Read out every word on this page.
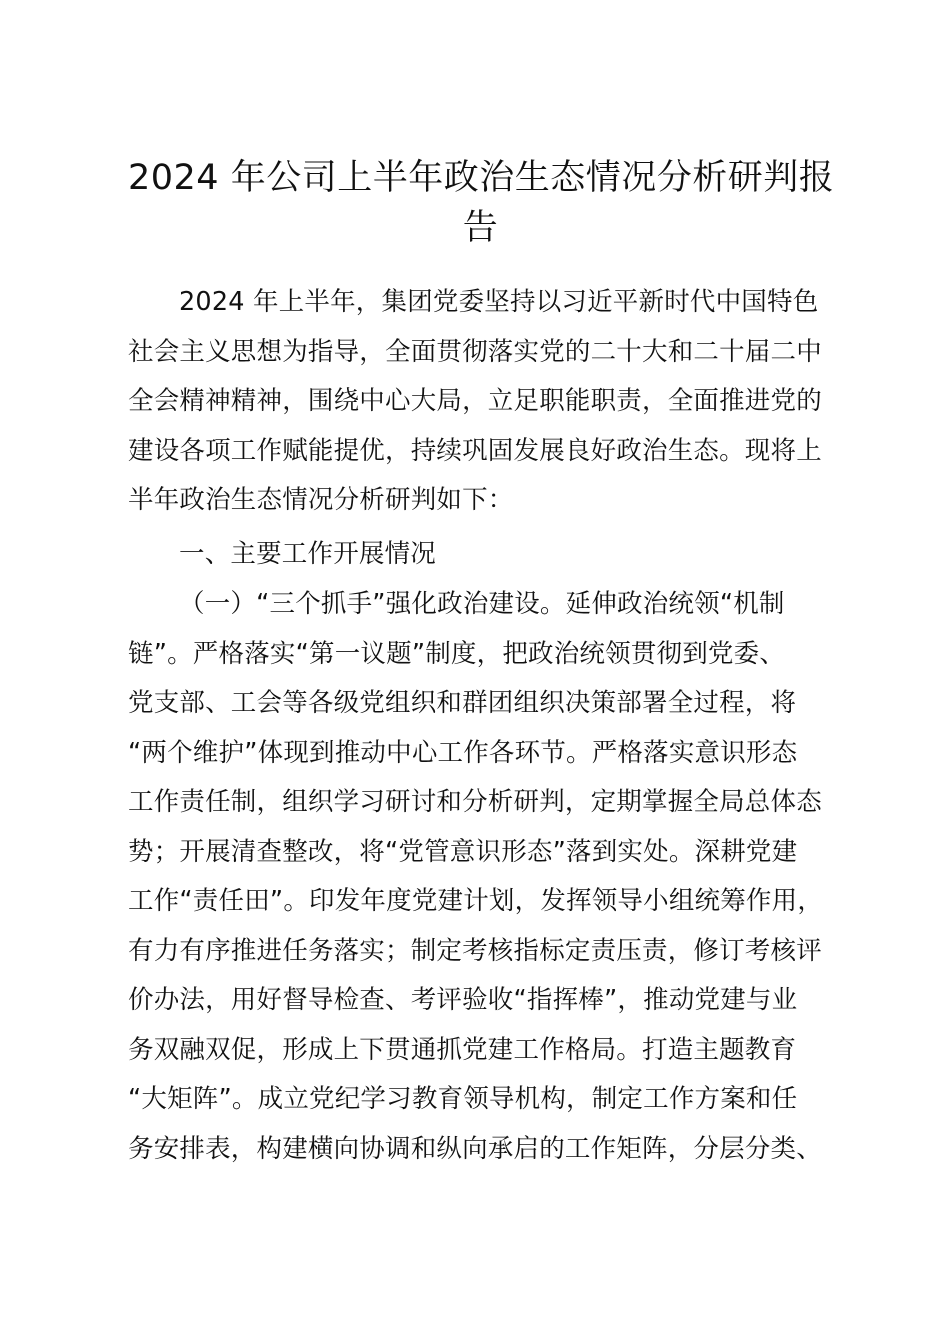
2024 年公司上半年政治生态情况分析研判报
告
2024 年上半年，集团党委坚持以习近平新时代中国特色
社会主义思想为指导，全面贯彻落实党的二十大和二十届二中
全会精神精神，围绕中心大局，立足职能职责，全面推进党的
建设各项工作赋能提优，持续巩固发展良好政治生态。现将上
半年政治生态情况分析研判如下：
一、主要工作开展情况
（一）“三个抓手”强化政治建设。延伸政治统领“机制
链”。严格落实“第一议题”制度，把政治统领贯彻到党委、
党支部、工会等各级党组织和群团组织决策部署全过程，将
“两个维护”体现到推动中心工作各环节。严格落实意识形态
工作责任制，组织学习研讨和分析研判，定期掌握全局总体态
势；开展清查整改，将“党管意识形态”落到实处。深耕党建
工作“责任田”。印发年度党建计划，发挥领导小组统筹作用，
有力有序推进任务落实；制定考核指标定责压责，修订考核评
价办法，用好督导检查、考评验收“指挥棒”，推动党建与业
务双融双促，形成上下贯通抓党建工作格局。打造主题教育
“大矩阵”。成立党纪学习教育领导机构，制定工作方案和任
务安排表，构建横向协调和纵向承启的工作矩阵，分层分类、
